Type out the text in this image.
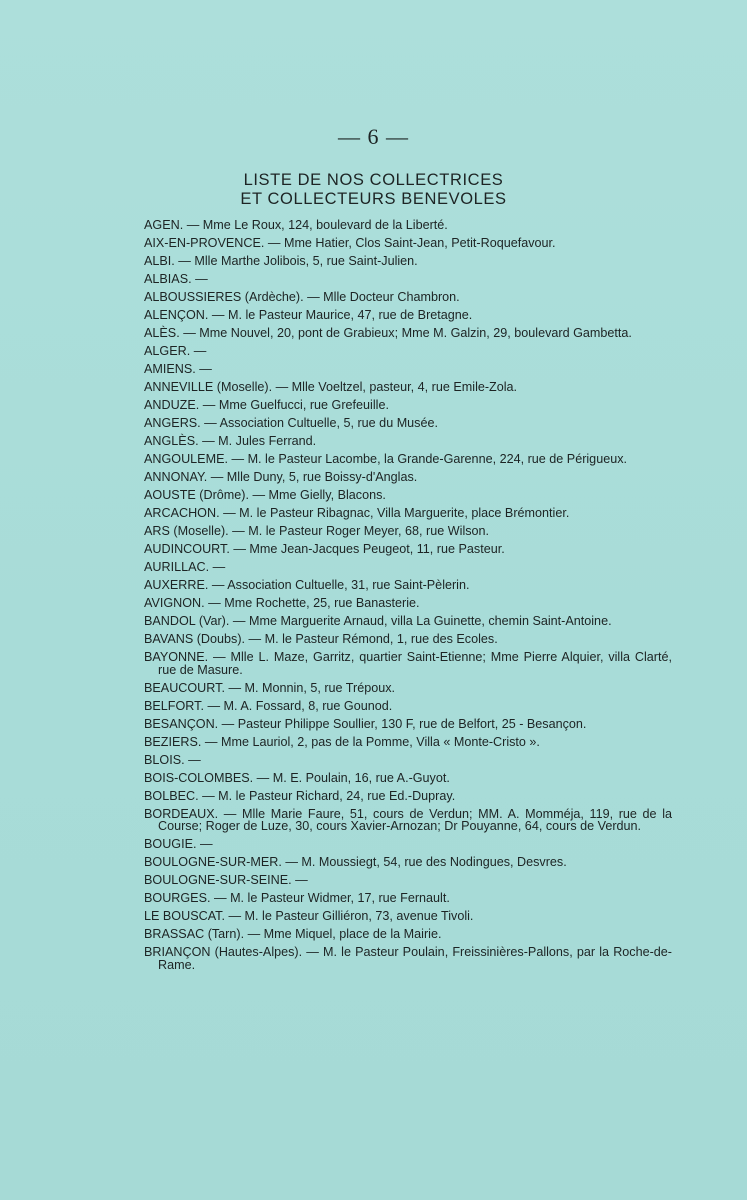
— 6 —
LISTE DE NOS COLLECTRICES
ET COLLECTEURS BENEVOLES
AGEN. — Mme Le Roux, 124, boulevard de la Liberté.
AIX-EN-PROVENCE. — Mme Hatier, Clos Saint-Jean, Petit-Roquefavour.
ALBI. — Mlle Marthe Jolibois, 5, rue Saint-Julien.
ALBIAS. —
ALBOUSSIERES (Ardèche). — Mlle Docteur Chambron.
ALENÇON. — M. le Pasteur Maurice, 47, rue de Bretagne.
ALÈS. — Mme Nouvel, 20, pont de Grabieux; Mme M. Galzin, 29, boulevard Gambetta.
ALGER. —
AMIENS. —
ANNEVILLE (Moselle). — Mlle Voeltzel, pasteur, 4, rue Emile-Zola.
ANDUZE. — Mme Guelfucci, rue Grefeuille.
ANGERS. — Association Cultuelle, 5, rue du Musée.
ANGLÈS. — M. Jules Ferrand.
ANGOULEME. — M. le Pasteur Lacombe, la Grande-Garenne, 224, rue de Périgueux.
ANNONAY. — Mlle Duny, 5, rue Boissy-d'Anglas.
AOUSTE (Drôme). — Mme Gielly, Blacons.
ARCACHON. — M. le Pasteur Ribagnac, Villa Marguerite, place Brémontier.
ARS (Moselle). — M. le Pasteur Roger Meyer, 68, rue Wilson.
AUDINCOURT. — Mme Jean-Jacques Peugeot, 11, rue Pasteur.
AURILLAC. —
AUXERRE. — Association Cultuelle, 31, rue Saint-Pèlerin.
AVIGNON. — Mme Rochette, 25, rue Banasterie.
BANDOL (Var). — Mme Marguerite Arnaud, villa La Guinette, chemin Saint-Antoine.
BAVANS (Doubs). — M. le Pasteur Rémond, 1, rue des Ecoles.
BAYONNE. — Mlle L. Maze, Garritz, quartier Saint-Etienne; Mme Pierre Alquier, villa Clarté, rue de Masure.
BEAUCOURT. — M. Monnin, 5, rue Trépoux.
BELFORT. — M. A. Fossard, 8, rue Gounod.
BESANÇON. — Pasteur Philippe Soullier, 130 F, rue de Belfort, 25 - Besançon.
BEZIERS. — Mme Lauriol, 2, pas de la Pomme, Villa « Monte-Cristo ».
BLOIS. —
BOIS-COLOMBES. — M. E. Poulain, 16, rue A.-Guyot.
BOLBEC. — M. le Pasteur Richard, 24, rue Ed.-Dupray.
BORDEAUX. — Mlle Marie Faure, 51, cours de Verdun; MM. A. Momméja, 119, rue de la Course; Roger de Luze, 30, cours Xavier-Arnozan; Dr Pouyanne, 64, cours de Verdun.
BOUGIE. —
BOULOGNE-SUR-MER. — M. Moussiegt, 54, rue des Nodingues, Desvres.
BOULOGNE-SUR-SEINE. —
BOURGES. — M. le Pasteur Widmer, 17, rue Fernault.
LE BOUSCAT. — M. le Pasteur Gilliéron, 73, avenue Tivoli.
BRASSAC (Tarn). — Mme Miquel, place de la Mairie.
BRIANÇON (Hautes-Alpes). — M. le Pasteur Poulain, Freissinières-Pallons, par la Roche-de-Rame.
